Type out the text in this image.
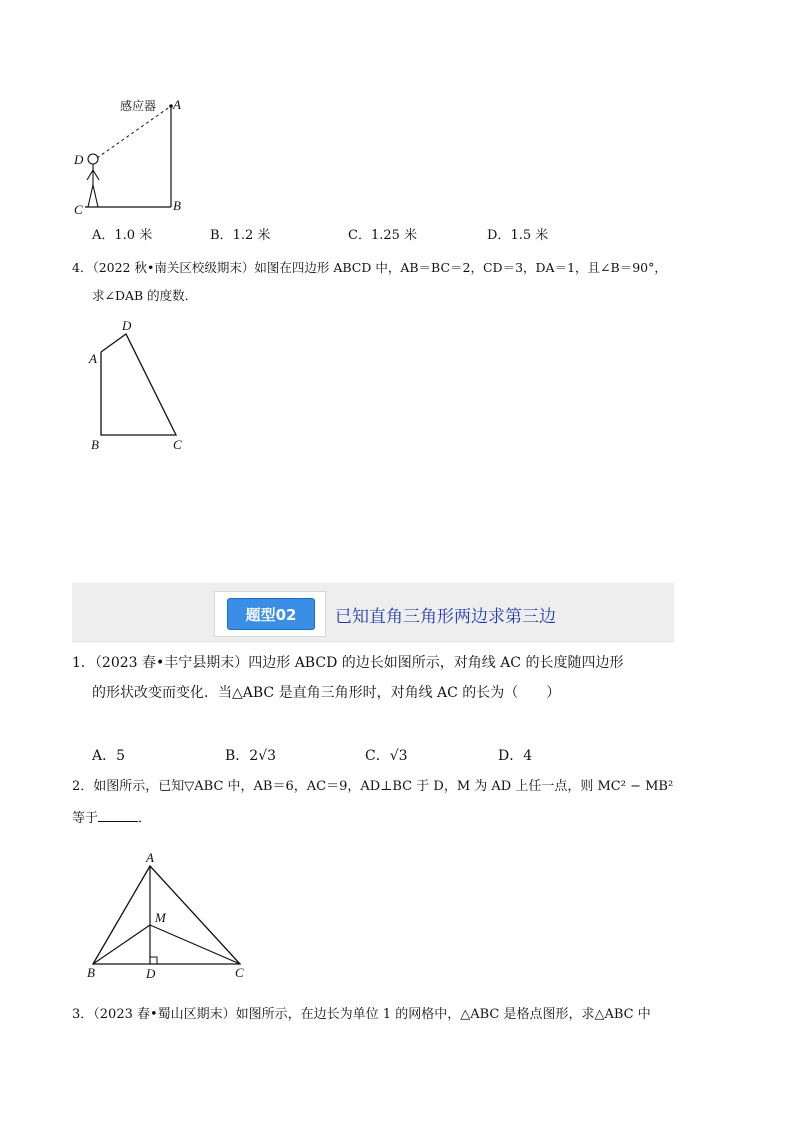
感应器 A
D
C	B
A．1.0 米	B．1.2 米	C．1.25 米	D．1.5 米
4．（2022 秋•南关区校级期末）如图在四边形 ABCD 中，AB＝BC＝2，CD＝3，DA＝1，且∠B＝90°，
求∠DAB 的度数．
D
A
B	C
题型02	已知直角三角形两边求第三边
1．（2023 春•丰宁县期末）四边形 ABCD 的边长如图所示，对角线 AC 的长度随四边形
的形状改变而变化．当△ABC 是直角三角形时，对角线 AC 的长为（　　）
A．5	B．2√3	C．√3	D．4
2．如图所示，已知▽ABC 中，AB＝6，AC＝9，AD⊥BC 于 D，M 为 AD 上任一点，则 MC² − MB²
等于	．
A
M
B	D	C
3．（2023 春•蜀山区期末）如图所示，在边长为单位 1 的网格中，△ABC 是格点图形，求△ABC 中
